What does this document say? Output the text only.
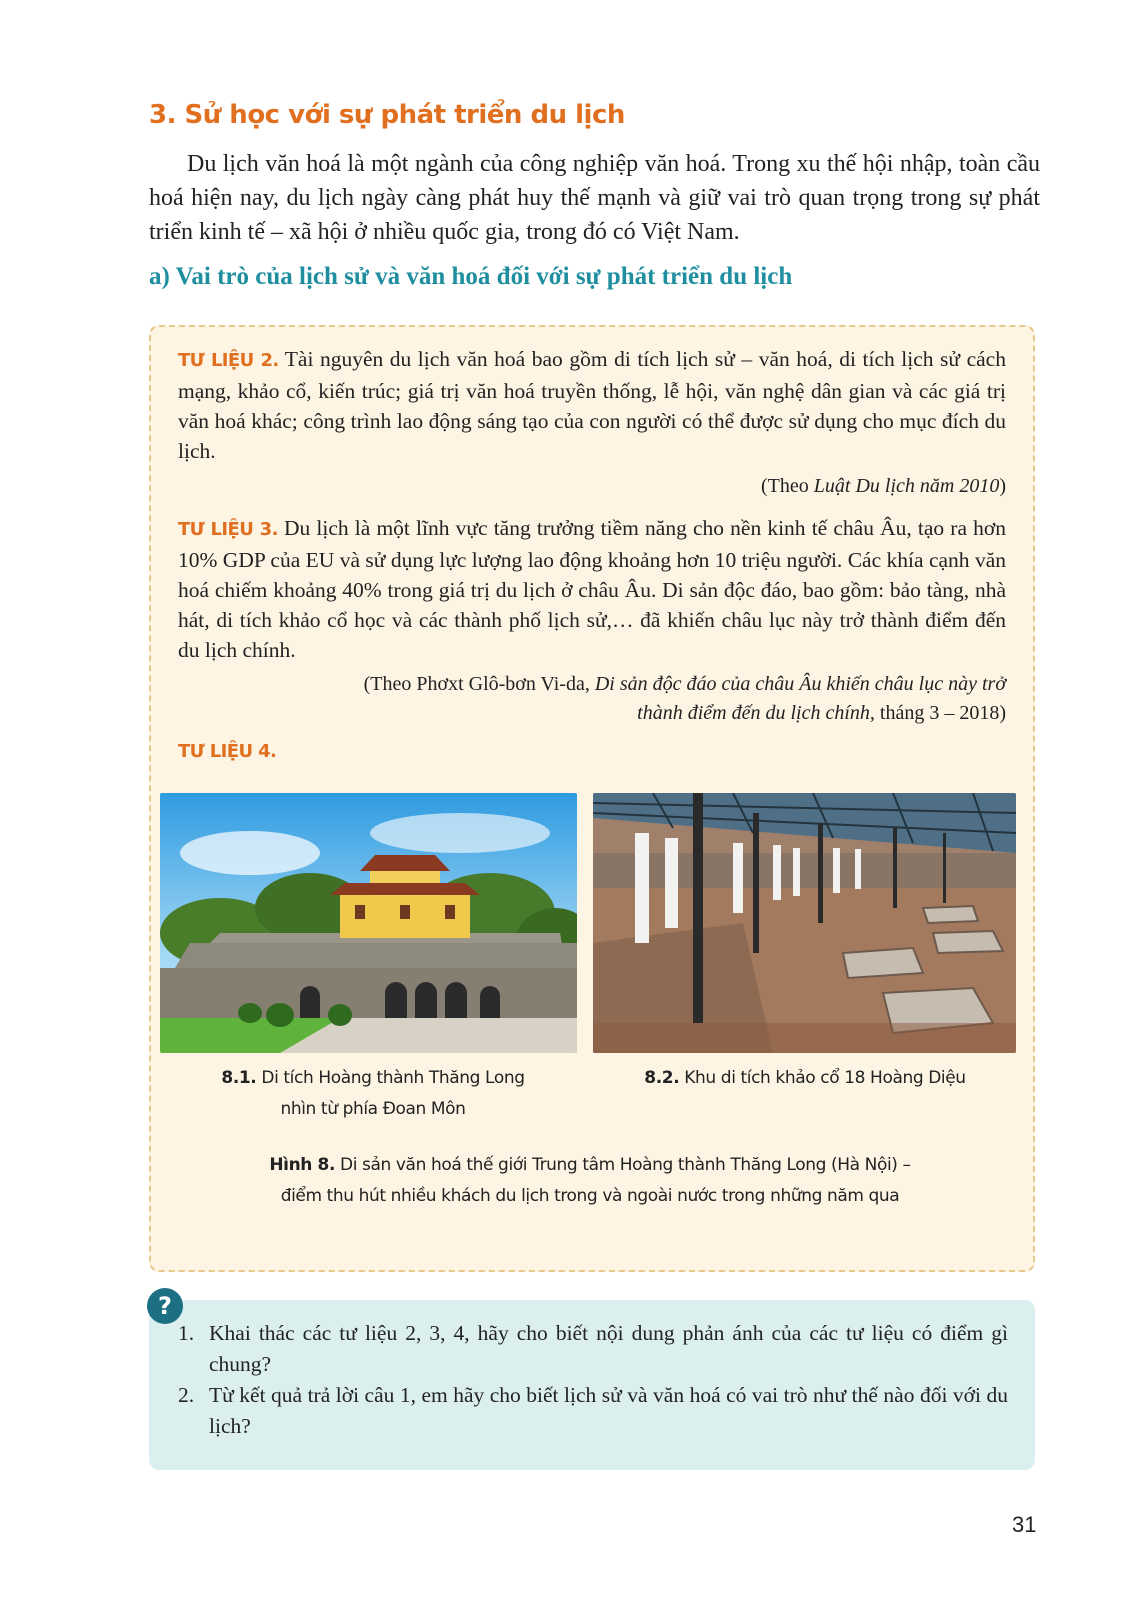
3. Sử học với sự phát triển du lịch

Du lịch văn hoá là một ngành của công nghiệp văn hoá. Trong xu thế hội nhập, toàn cầu hoá hiện nay, du lịch ngày càng phát huy thế mạnh và giữ vai trò quan trọng trong sự phát triển kinh tế – xã hội ở nhiều quốc gia, trong đó có Việt Nam.

a) Vai trò của lịch sử và văn hoá đối với sự phát triển du lịch

TƯ LIỆU 2. Tài nguyên du lịch văn hoá bao gồm di tích lịch sử – văn hoá, di tích lịch sử cách mạng, khảo cổ, kiến trúc; giá trị văn hoá truyền thống, lễ hội, văn nghệ dân gian và các giá trị văn hoá khác; công trình lao động sáng tạo của con người có thể được sử dụng cho mục đích du lịch.

(Theo Luật Du lịch năm 2010)

TƯ LIỆU 3. Du lịch là một lĩnh vực tăng trưởng tiềm năng cho nền kinh tế châu Âu, tạo ra hơn 10% GDP của EU và sử dụng lực lượng lao động khoảng hơn 10 triệu người. Các khía cạnh văn hoá chiếm khoảng 40% trong giá trị du lịch ở châu Âu. Di sản độc đáo, bao gồm: bảo tàng, nhà hát, di tích khảo cổ học và các thành phố lịch sử,… đã khiến châu lục này trở thành điểm đến du lịch chính.

(Theo Phơxt Glô-bơn Vi-da, Di sản độc đáo của châu Âu khiến châu lục này trở thành điểm đến du lịch chính, tháng 3 – 2018)

TƯ LIỆU 4.
8.1. Di tích Hoàng thành Thăng Long
nhìn từ phía Đoan Môn
8.2. Khu di tích khảo cổ 18 Hoàng Diệu
Hình 8. Di sản văn hoá thế giới Trung tâm Hoàng thành Thăng Long (Hà Nội) –
điểm thu hút nhiều khách du lịch trong và ngoài nước trong những năm qua
?
1. Khai thác các tư liệu 2, 3, 4, hãy cho biết nội dung phản ánh của các tư liệu có điểm gì chung?
2. Từ kết quả trả lời câu 1, em hãy cho biết lịch sử và văn hoá có vai trò như thế nào đối với du lịch?
31
